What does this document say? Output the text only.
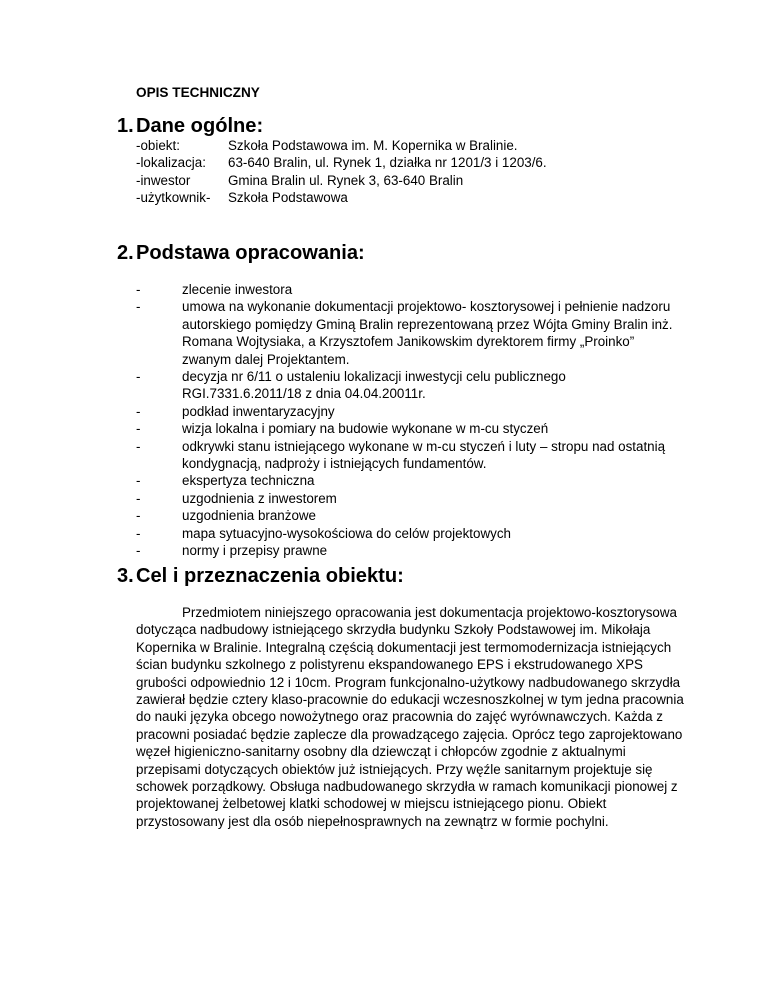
OPIS TECHNICZNY
1. Dane ogólne:
-obiekt:	Szkoła Podstawowa im. M. Kopernika w Bralinie.
-lokalizacja:	63-640 Bralin, ul. Rynek 1, działka nr 1201/3 i 1203/6.
-inwestor	Gmina Bralin ul. Rynek 3, 63-640 Bralin
-użytkownik-	Szkoła Podstawowa
2. Podstawa opracowania:
-	zlecenie inwestora
-	umowa na wykonanie dokumentacji projektowo- kosztorysowej i pełnienie nadzoru autorskiego pomiędzy Gminą Bralin reprezentowaną przez Wójta Gminy Bralin inż. Romana Wojtysiaka, a Krzysztofem Janikowskim dyrektorem firmy „Proinko” zwanym dalej Projektantem.
-	decyzja nr 6/11 o ustaleniu lokalizacji inwestycji celu publicznego RGI.7331.6.2011/18 z dnia 04.04.20011r.
-	podkład inwentaryzacyjny
-	wizja lokalna i pomiary na budowie wykonane w m-cu styczeń
-	odkrywki stanu istniejącego wykonane w m-cu styczeń i luty – stropu nad ostatnią kondygnacją, nadproży i istniejących fundamentów.
-	ekspertyza techniczna
-	uzgodnienia z inwestorem
-	uzgodnienia branżowe
-	mapa sytuacyjno-wysokościowa do celów projektowych
-	normy i przepisy prawne
3. Cel i przeznaczenia obiektu:

Przedmiotem niniejszego opracowania jest dokumentacja projektowo-kosztorysowa dotycząca nadbudowy istniejącego skrzydła budynku Szkoły Podstawowej im. Mikołaja Kopernika w Bralinie. Integralną częścią dokumentacji jest termomodernizacja istniejących ścian budynku szkolnego z polistyrenu ekspandowanego EPS i ekstrudowanego XPS grubości odpowiednio 12 i 10cm. Program funkcjonalno-użytkowy nadbudowanego skrzydła zawierał będzie cztery klaso-pracownie do edukacji wczesnoszkolnej w tym jedna pracownia do nauki języka obcego nowożytnego oraz pracownia do zajęć wyrównawczych. Każda z pracowni posiadać będzie zaplecze dla prowadzącego zajęcia. Oprócz tego zaprojektowano węzeł higieniczno-sanitarny osobny dla dziewcząt i chłopców zgodnie z aktualnymi przepisami dotyczących obiektów już istniejących. Przy węźle sanitarnym projektuje się schowek porządkowy. Obsługa nadbudowanego skrzydła w ramach komunikacji pionowej z projektowanej żelbetowej klatki schodowej w miejscu istniejącego pionu. Obiekt przystosowany jest dla osób niepełnosprawnych na zewnątrz w formie pochylni.
